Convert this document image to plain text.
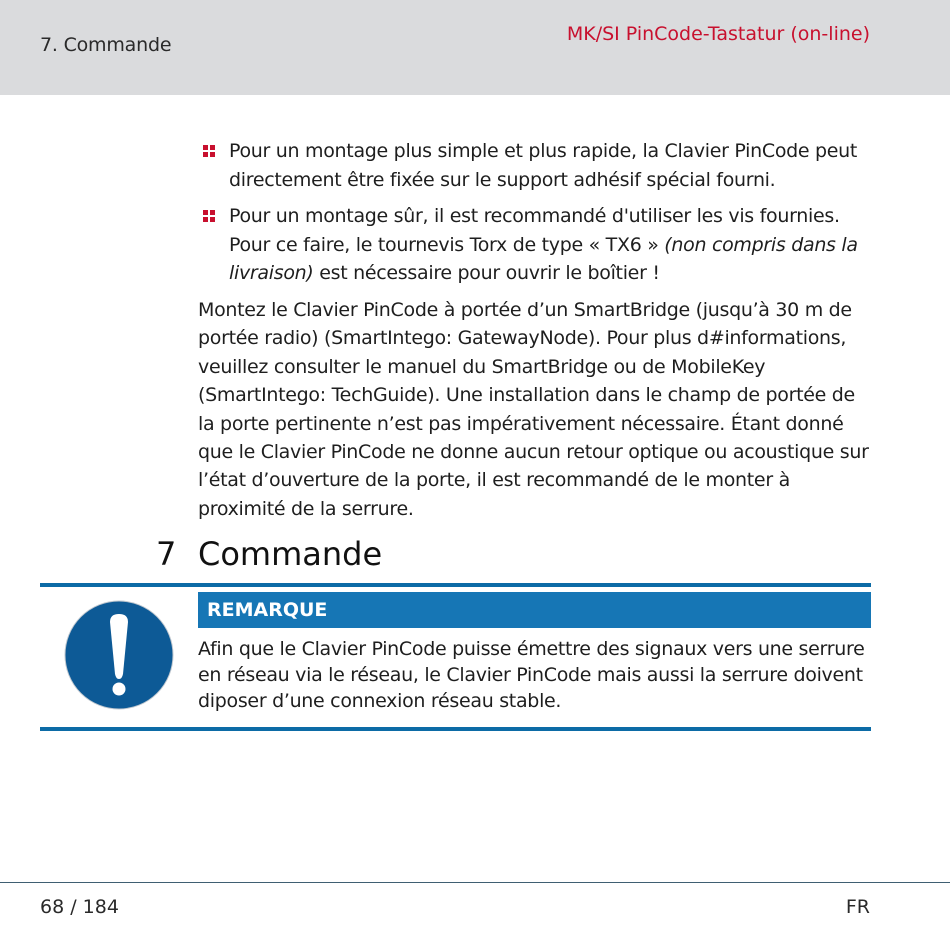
7. Commande	MK/SI PinCode-Tastatur (on-line)
Pour un montage plus simple et plus rapide, la Clavier PinCode peut directement être fixée sur le support adhésif spécial fourni.
Pour un montage sûr, il est recommandé d'utiliser les vis fournies. Pour ce faire, le tournevis Torx de type « TX6 » (non compris dans la livraison) est nécessaire pour ouvrir le boîtier !
Montez le Clavier PinCode à portée d’un SmartBridge (jusqu’à 30 m de portée radio) (SmartIntego: GatewayNode). Pour plus d#informations, veuillez consulter le manuel du SmartBridge ou de MobileKey (SmartIntego: TechGuide). Une installation dans le champ de portée de la porte pertinente n’est pas impérativement nécessaire. Étant donné que le Clavier PinCode ne donne aucun retour optique ou acoustique sur l’état d’ouverture de la porte, il est recommandé de le monter à proximité de la serrure.
7 Commande
REMARQUE
Afin que le Clavier PinCode puisse émettre des signaux vers une serrure en réseau via le réseau, le Clavier PinCode mais aussi la serrure doivent diposer d’une connexion réseau stable.
68 / 184	FR
